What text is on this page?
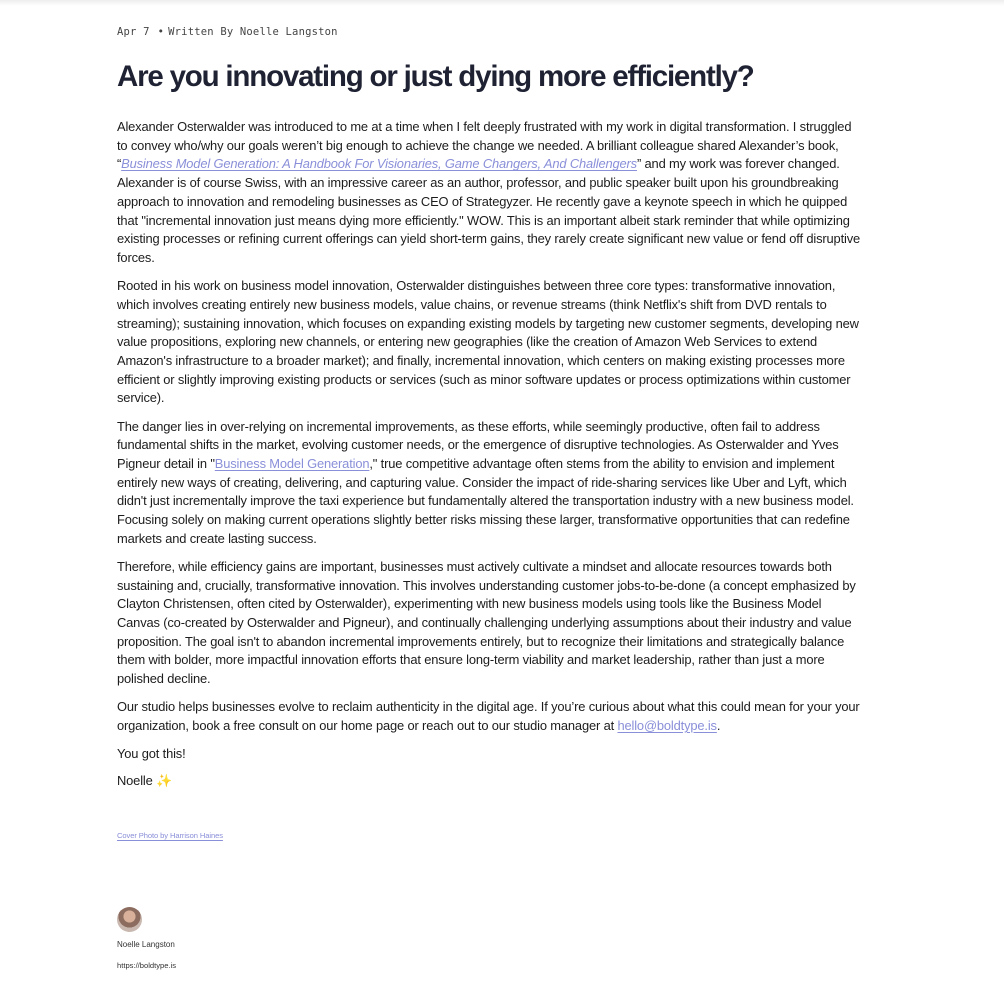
Apr 7 • Written By Noelle Langston
Are you innovating or just dying more efficiently?

Alexander Osterwalder was introduced to me at a time when I felt deeply frustrated with my work in digital transformation. I struggled to convey who/why our goals weren’t big enough to achieve the change we needed. A brilliant colleague shared Alexander’s book, “Business Model Generation: A Handbook For Visionaries, Game Changers, And Challengers” and my work was forever changed. Alexander is of course Swiss, with an impressive career as an author, professor, and public speaker built upon his groundbreaking approach to innovation and remodeling businesses as CEO of Strategyzer. He recently gave a keynote speech in which he quipped that "incremental innovation just means dying more efficiently." WOW. This is an important albeit stark reminder that while optimizing existing processes or refining current offerings can yield short-term gains, they rarely create significant new value or fend off disruptive forces.

Rooted in his work on business model innovation, Osterwalder distinguishes between three core types: transformative innovation, which involves creating entirely new business models, value chains, or revenue streams (think Netflix's shift from DVD rentals to streaming); sustaining innovation, which focuses on expanding existing models by targeting new customer segments, developing new value propositions, exploring new channels, or entering new geographies (like the creation of Amazon Web Services to extend Amazon's infrastructure to a broader market); and finally, incremental innovation, which centers on making existing processes more efficient or slightly improving existing products or services (such as minor software updates or process optimizations within customer service).

The danger lies in over-relying on incremental improvements, as these efforts, while seemingly productive, often fail to address fundamental shifts in the market, evolving customer needs, or the emergence of disruptive technologies. As Osterwalder and Yves Pigneur detail in "Business Model Generation," true competitive advantage often stems from the ability to envision and implement entirely new ways of creating, delivering, and capturing value. Consider the impact of ride-sharing services like Uber and Lyft, which didn't just incrementally improve the taxi experience but fundamentally altered the transportation industry with a new business model. Focusing solely on making current operations slightly better risks missing these larger, transformative opportunities that can redefine markets and create lasting success.

Therefore, while efficiency gains are important, businesses must actively cultivate a mindset and allocate resources towards both sustaining and, crucially, transformative innovation. This involves understanding customer jobs-to-be-done (a concept emphasized by Clayton Christensen, often cited by Osterwalder), experimenting with new business models using tools like the Business Model Canvas (co-created by Osterwalder and Pigneur), and continually challenging underlying assumptions about their industry and value proposition. The goal isn't to abandon incremental improvements entirely, but to recognize their limitations and strategically balance them with bolder, more impactful innovation efforts that ensure long-term viability and market leadership, rather than just a more polished decline.

Our studio helps businesses evolve to reclaim authenticity in the digital age. If you’re curious about what this could mean for your your organization, book a free consult on our home page or reach out to our studio manager at hello@boldtype.is.

You got this!

Noelle ✨

Cover Photo by Harrison Haines
Noelle Langston
https://boldtype.is
